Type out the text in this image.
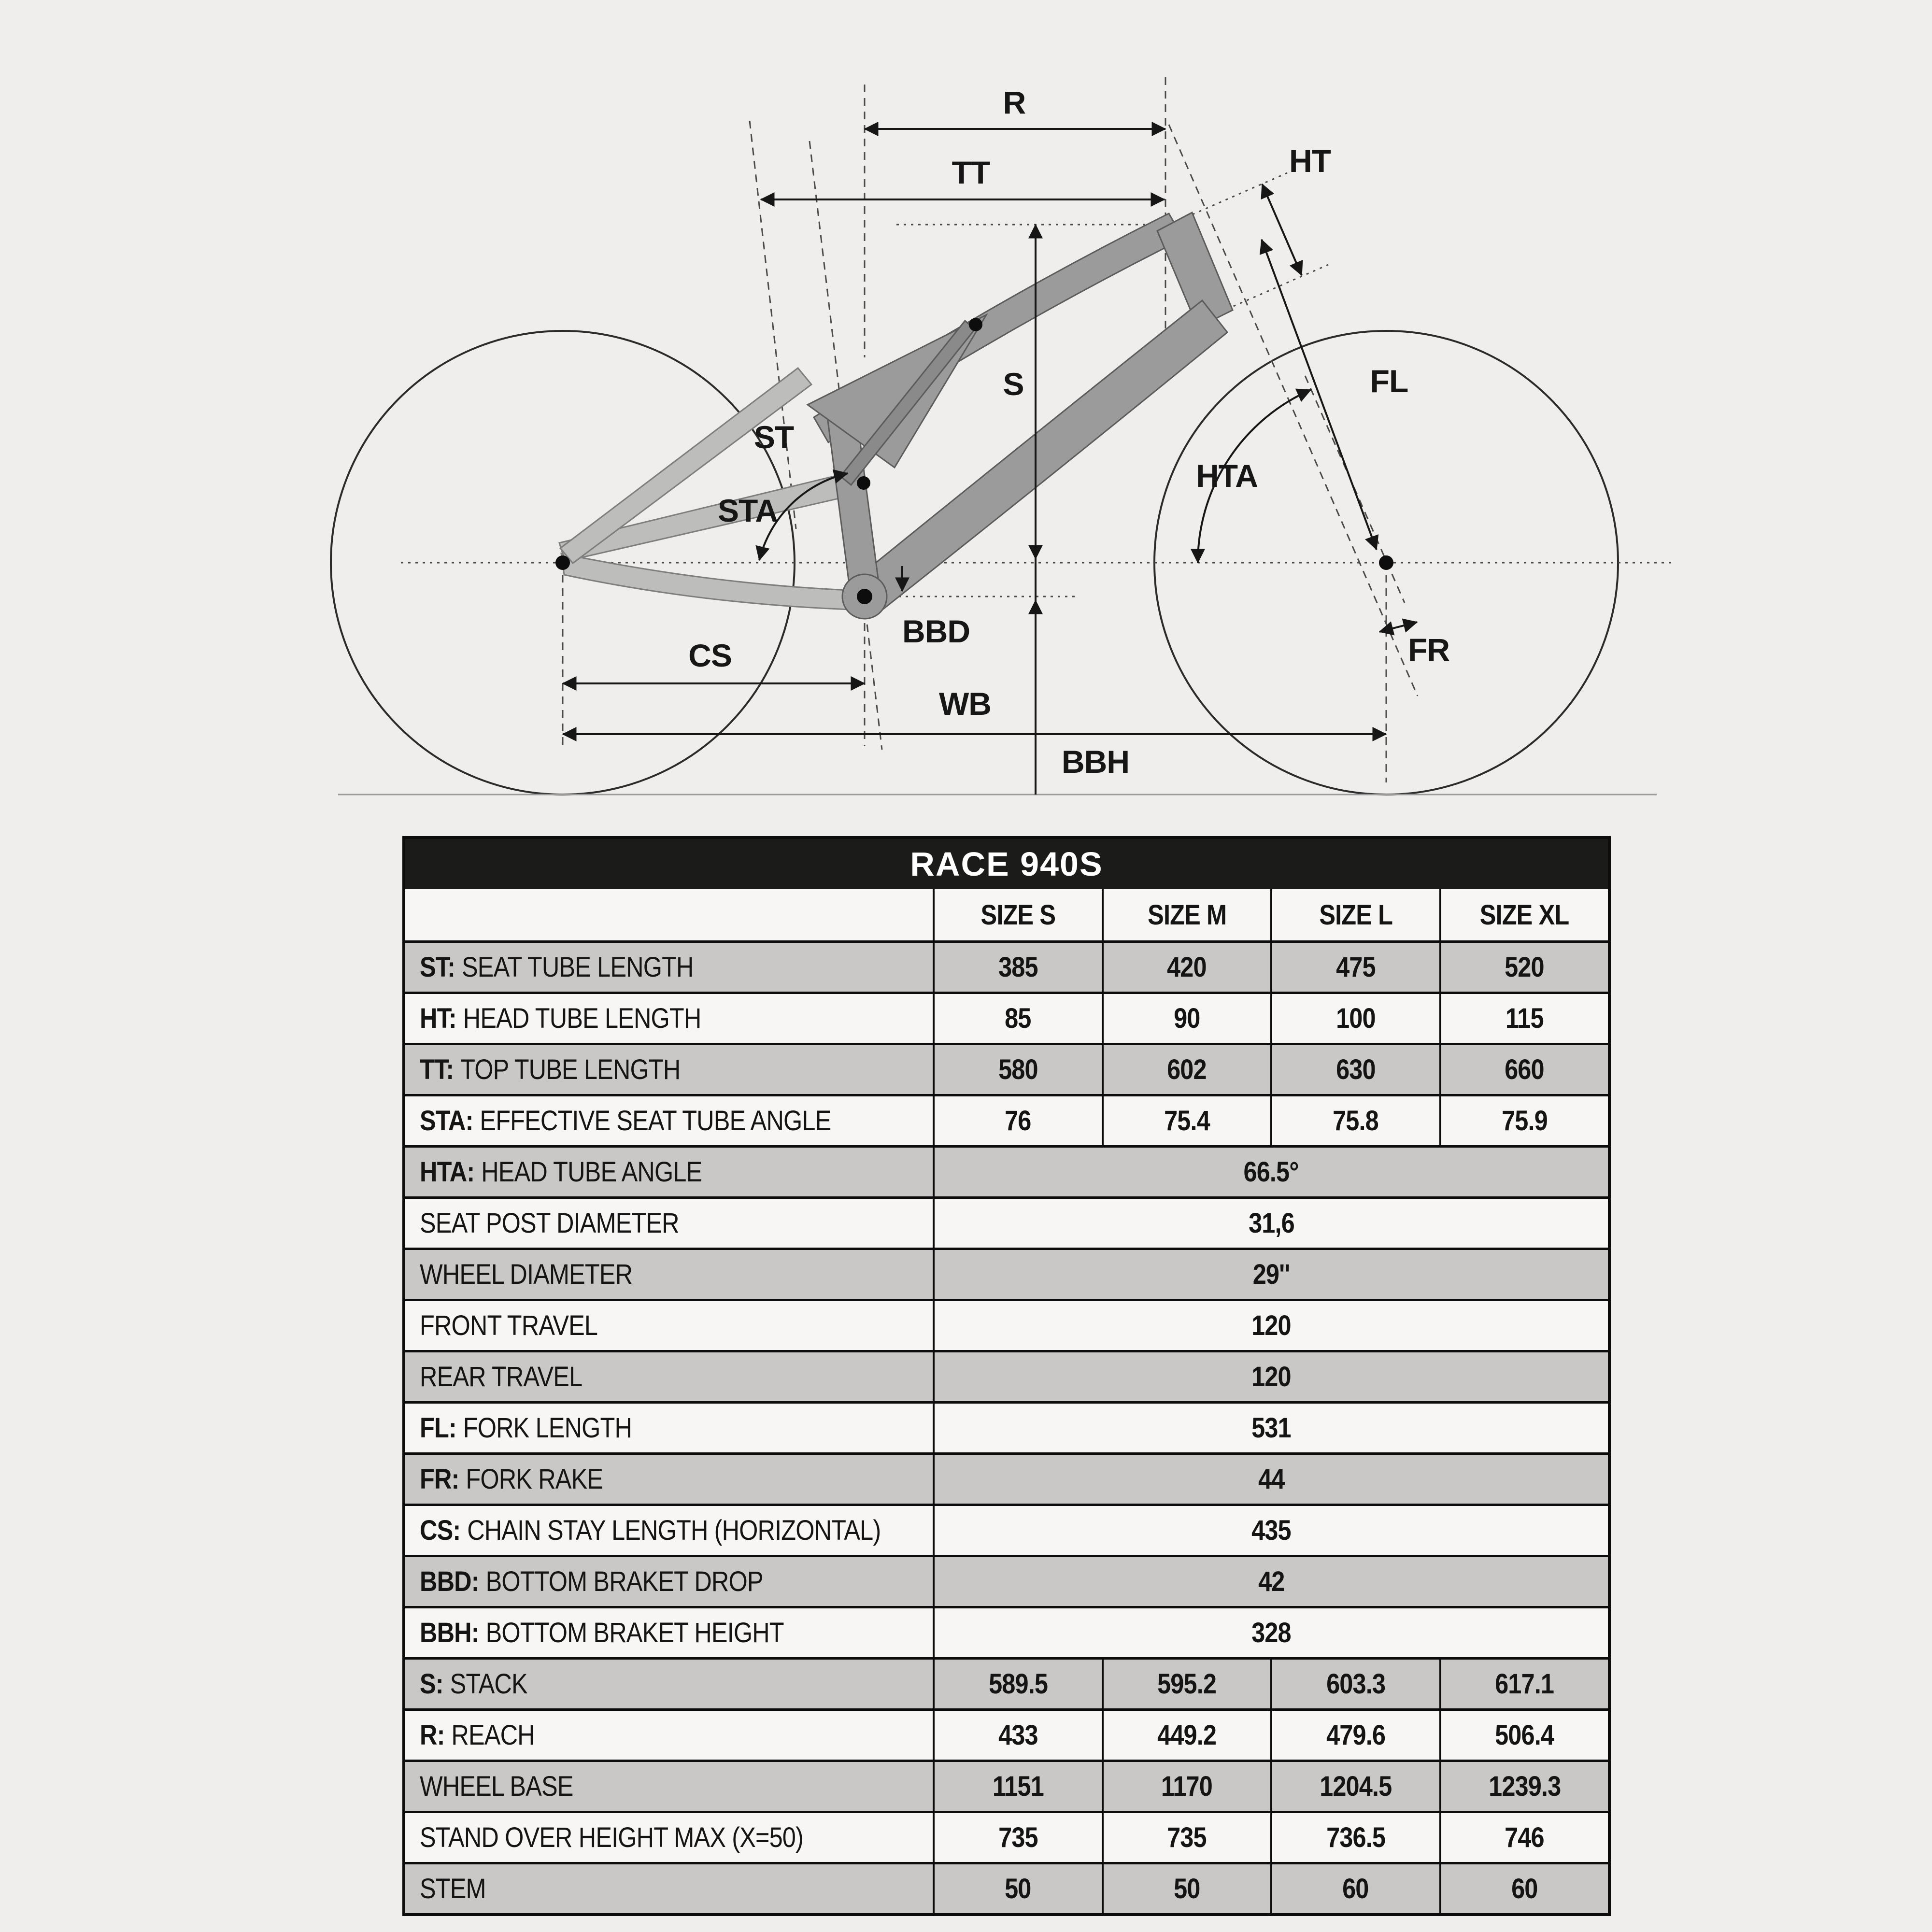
R
TT	HT
FL
S
ST
STA
HTA
BBD
CS
WB
BBH
FR
RACE 940S
SIZE S	SIZE M	SIZE L	SIZE XL
ST: SEAT TUBE LENGTH	385	420	475	520
HT: HEAD TUBE LENGTH	85	90	100	115
TT: TOP TUBE LENGTH	580	602	630	660
STA: EFFECTIVE SEAT TUBE ANGLE	76	75.4	75.8	75.9
HTA: HEAD TUBE ANGLE	66.5°
SEAT POST DIAMETER	31,6
WHEEL DIAMETER	29''
FRONT TRAVEL	120
REAR TRAVEL	120
FL: FORK LENGTH	531
FR: FORK RAKE	44
CS: CHAIN STAY LENGTH (HORIZONTAL)	435
BBD: BOTTOM BRAKET DROP	42
BBH: BOTTOM BRAKET HEIGHT	328
S: STACK	589.5	595.2	603.3	617.1
R: REACH	433	449.2	479.6	506.4
WHEEL BASE	1151	1170	1204.5	1239.3
STAND OVER HEIGHT MAX (X=50)	735	735	736.5	746
STEM	50	50	60	60
